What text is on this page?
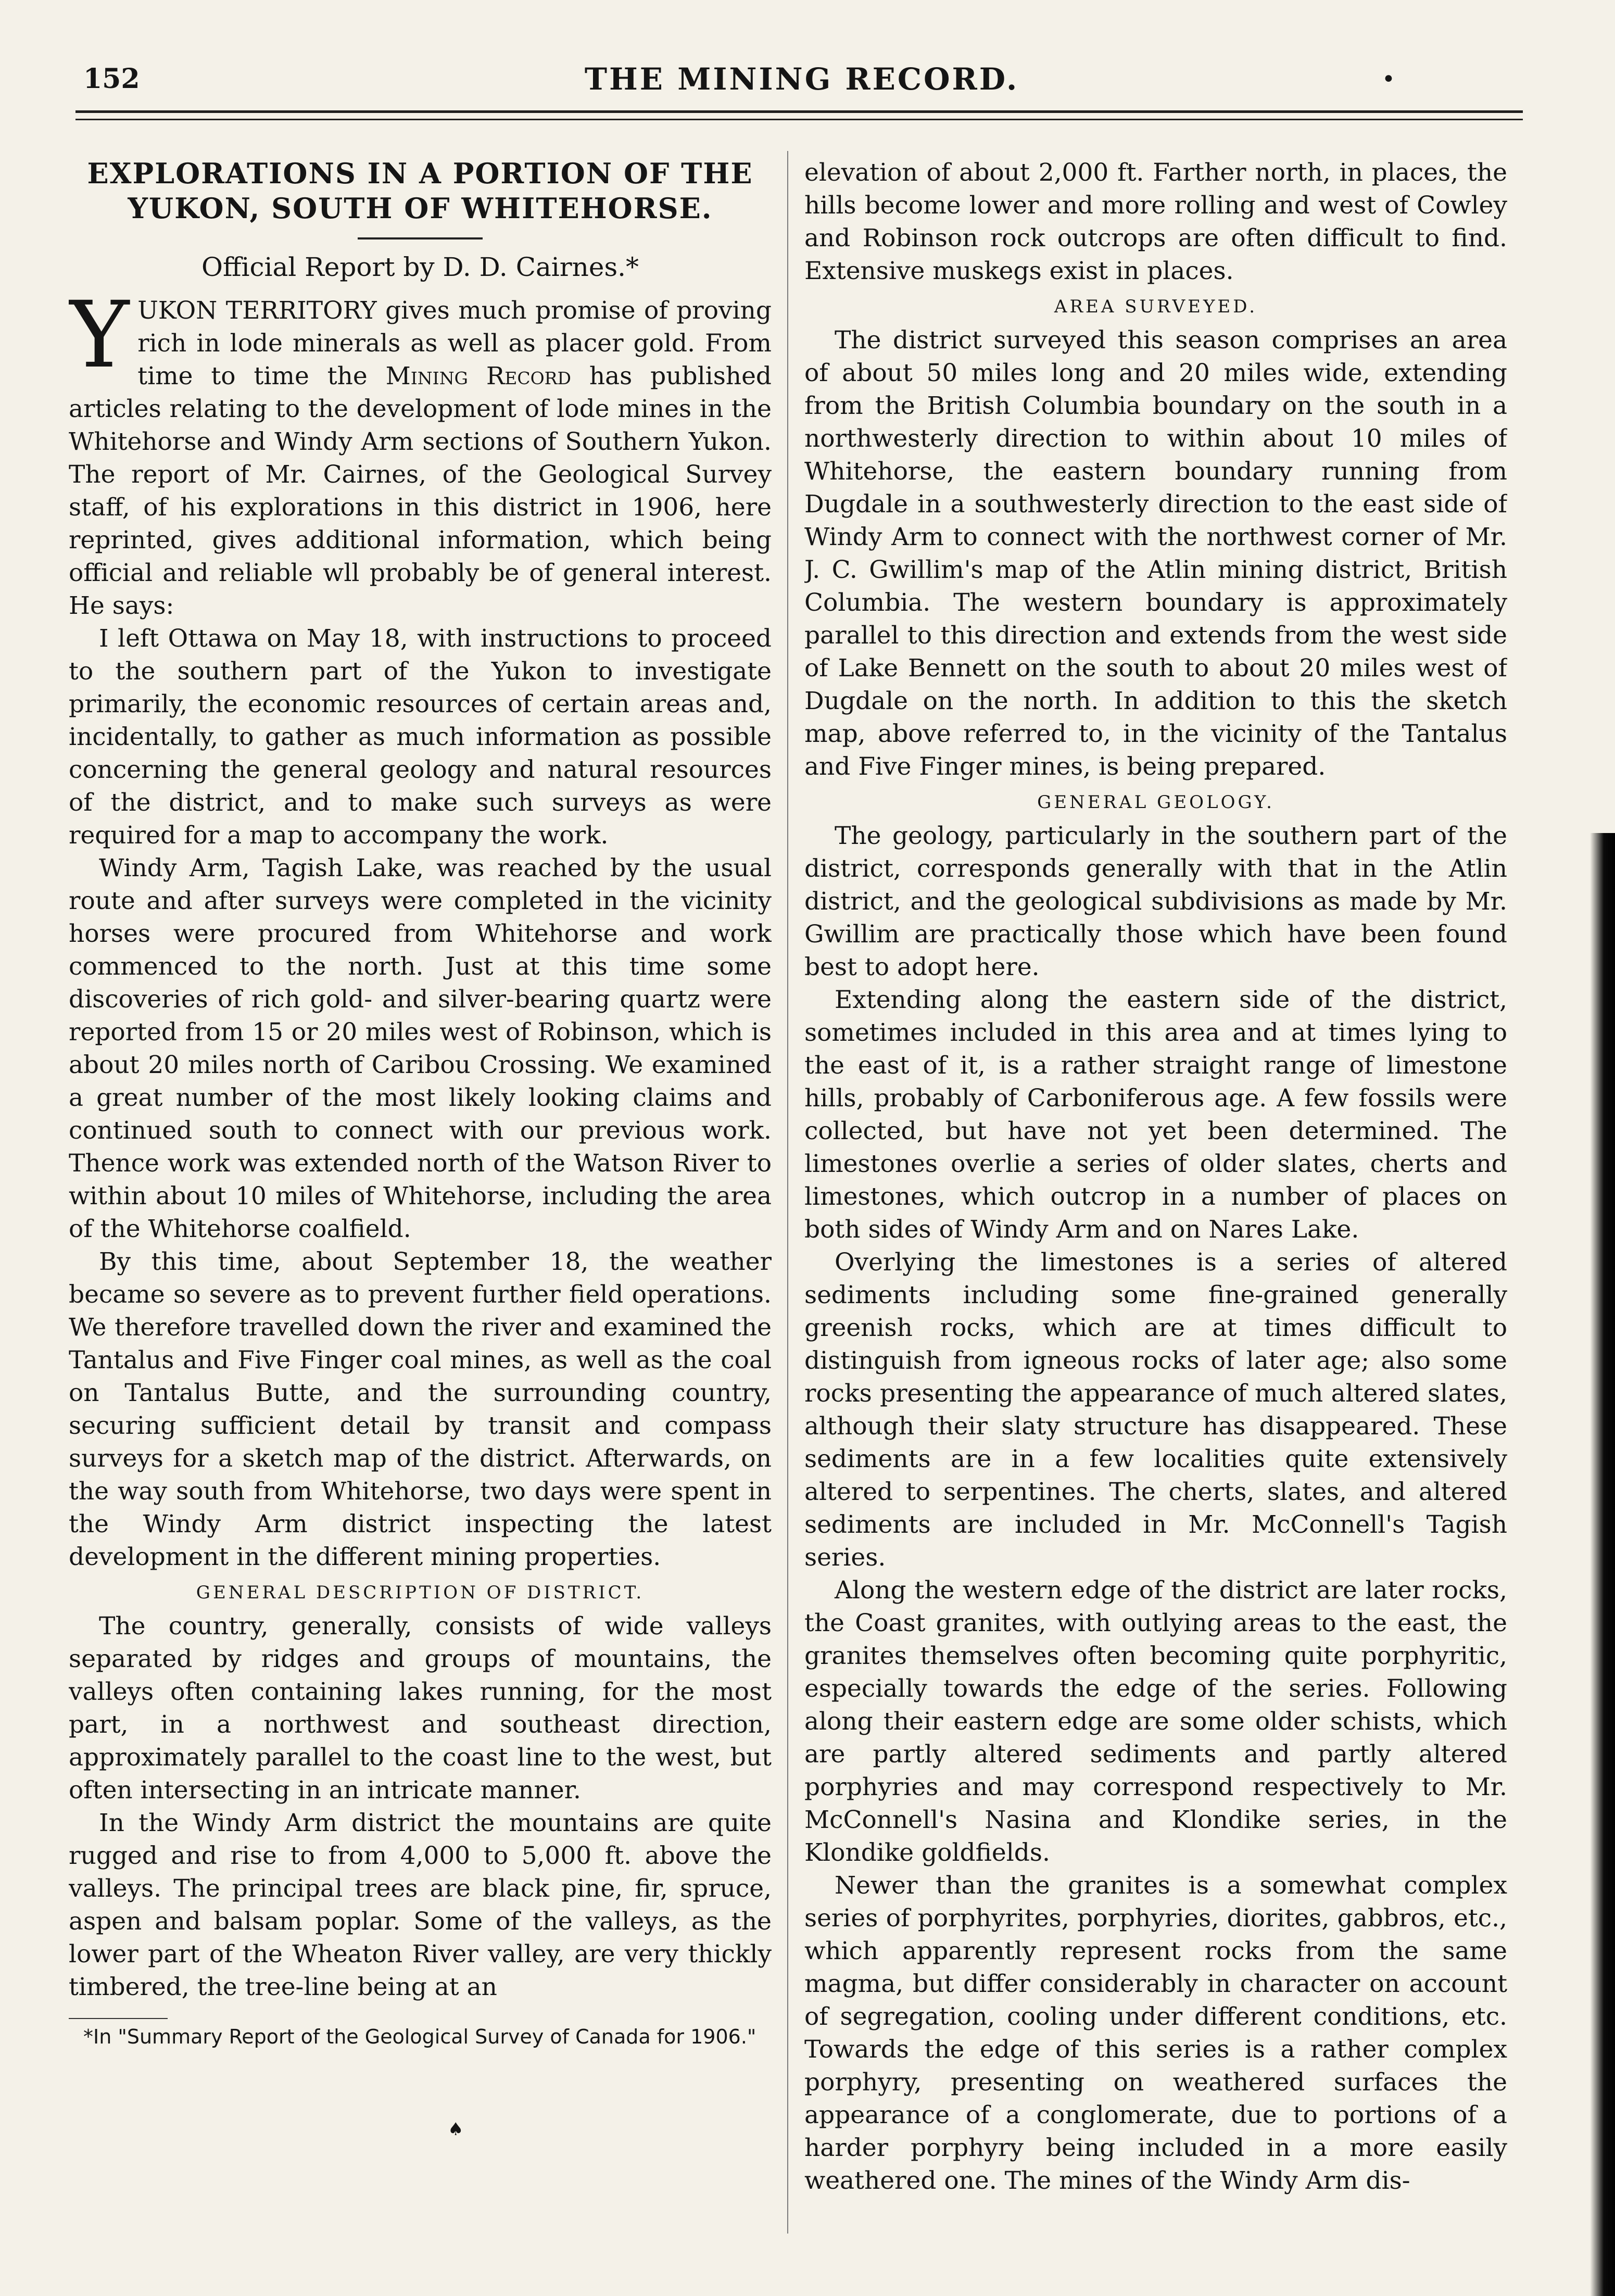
152	THE MINING RECORD.	•
EXPLORATIONS IN A PORTION OF THE YUKON, SOUTH OF WHITEHORSE.
Official Report by D. D. Cairnes.*

YUKON TERRITORY gives much promise of proving rich in lode minerals as well as placer gold. From time to time the Mining Record has published articles relating to the development of lode mines in the Whitehorse and Windy Arm sections of Southern Yukon. The report of Mr. Cairnes, of the Geological Survey staff, of his explorations in this district in 1906, here reprinted, gives additional information, which being official and reliable wll probably be of general interest. He says:

I left Ottawa on May 18, with instructions to proceed to the southern part of the Yukon to investigate primarily, the economic resources of certain areas and, incidentally, to gather as much information as possible concerning the general geology and natural resources of the district, and to make such surveys as were required for a map to accompany the work.

Windy Arm, Tagish Lake, was reached by the usual route and after surveys were completed in the vicinity horses were procured from Whitehorse and work commenced to the north. Just at this time some discoveries of rich gold- and silver-bearing quartz were reported from 15 or 20 miles west of Robinson, which is about 20 miles north of Caribou Crossing. We examined a great number of the most likely looking claims and continued south to connect with our previous work. Thence work was extended north of the Watson River to within about 10 miles of Whitehorse, including the area of the Whitehorse coalfield.

By this time, about September 18, the weather became so severe as to prevent further field operations. We therefore travelled down the river and examined the Tantalus and Five Finger coal mines, as well as the coal on Tantalus Butte, and the surrounding country, securing sufficient detail by transit and compass surveys for a sketch map of the district. Afterwards, on the way south from Whitehorse, two days were spent in the Windy Arm district inspecting the latest development in the different mining properties.

GENERAL DESCRIPTION OF DISTRICT.

The country, generally, consists of wide valleys separated by ridges and groups of mountains, the valleys often containing lakes running, for the most part, in a northwest and southeast direction, approximately parallel to the coast line to the west, but often intersecting in an intricate manner.

In the Windy Arm district the mountains are quite rugged and rise to from 4,000 to 5,000 ft. above the valleys. The principal trees are black pine, fir, spruce, aspen and balsam poplar. Some of the valleys, as the lower part of the Wheaton River valley, are very thickly timbered, the tree-line being at an

*In "Summary Report of the Geological Survey of Canada for 1906."

♠

elevation of about 2,000 ft. Farther north, in places, the hills become lower and more rolling and west of Cowley and Robinson rock outcrops are often difficult to find. Extensive muskegs exist in places.

AREA SURVEYED.

The district surveyed this season comprises an area of about 50 miles long and 20 miles wide, extending from the British Columbia boundary on the south in a northwesterly direction to within about 10 miles of Whitehorse, the eastern boundary running from Dugdale in a southwesterly direction to the east side of Windy Arm to connect with the northwest corner of Mr. J. C. Gwillim's map of the Atlin mining district, British Columbia. The western boundary is approximately parallel to this direction and extends from the west side of Lake Bennett on the south to about 20 miles west of Dugdale on the north. In addition to this the sketch map, above referred to, in the vicinity of the Tantalus and Five Finger mines, is being prepared.

GENERAL GEOLOGY.

The geology, particularly in the southern part of the district, corresponds generally with that in the Atlin district, and the geological subdivisions as made by Mr. Gwillim are practically those which have been found best to adopt here.

Extending along the eastern side of the district, sometimes included in this area and at times lying to the east of it, is a rather straight range of limestone hills, probably of Carboniferous age. A few fossils were collected, but have not yet been determined. The limestones overlie a series of older slates, cherts and limestones, which outcrop in a number of places on both sides of Windy Arm and on Nares Lake.

Overlying the limestones is a series of altered sediments including some fine-grained generally greenish rocks, which are at times difficult to distinguish from igneous rocks of later age; also some rocks presenting the appearance of much altered slates, although their slaty structure has disappeared. These sediments are in a few localities quite extensively altered to serpentines. The cherts, slates, and altered sediments are included in Mr. McConnell's Tagish series.

Along the western edge of the district are later rocks, the Coast granites, with outlying areas to the east, the granites themselves often becoming quite porphyritic, especially towards the edge of the series. Following along their eastern edge are some older schists, which are partly altered sediments and partly altered porphyries and may correspond respectively to Mr. McConnell's Nasina and Klondike series, in the Klondike goldfields.

Newer than the granites is a somewhat complex series of porphyrites, porphyries, diorites, gabbros, etc., which apparently represent rocks from the same magma, but differ considerably in character on account of segregation, cooling under different conditions, etc. Towards the edge of this series is a rather complex porphyry, presenting on weathered surfaces the appearance of a conglomerate, due to portions of a harder porphyry being included in a more easily weathered one. The mines of the Windy Arm dis-
